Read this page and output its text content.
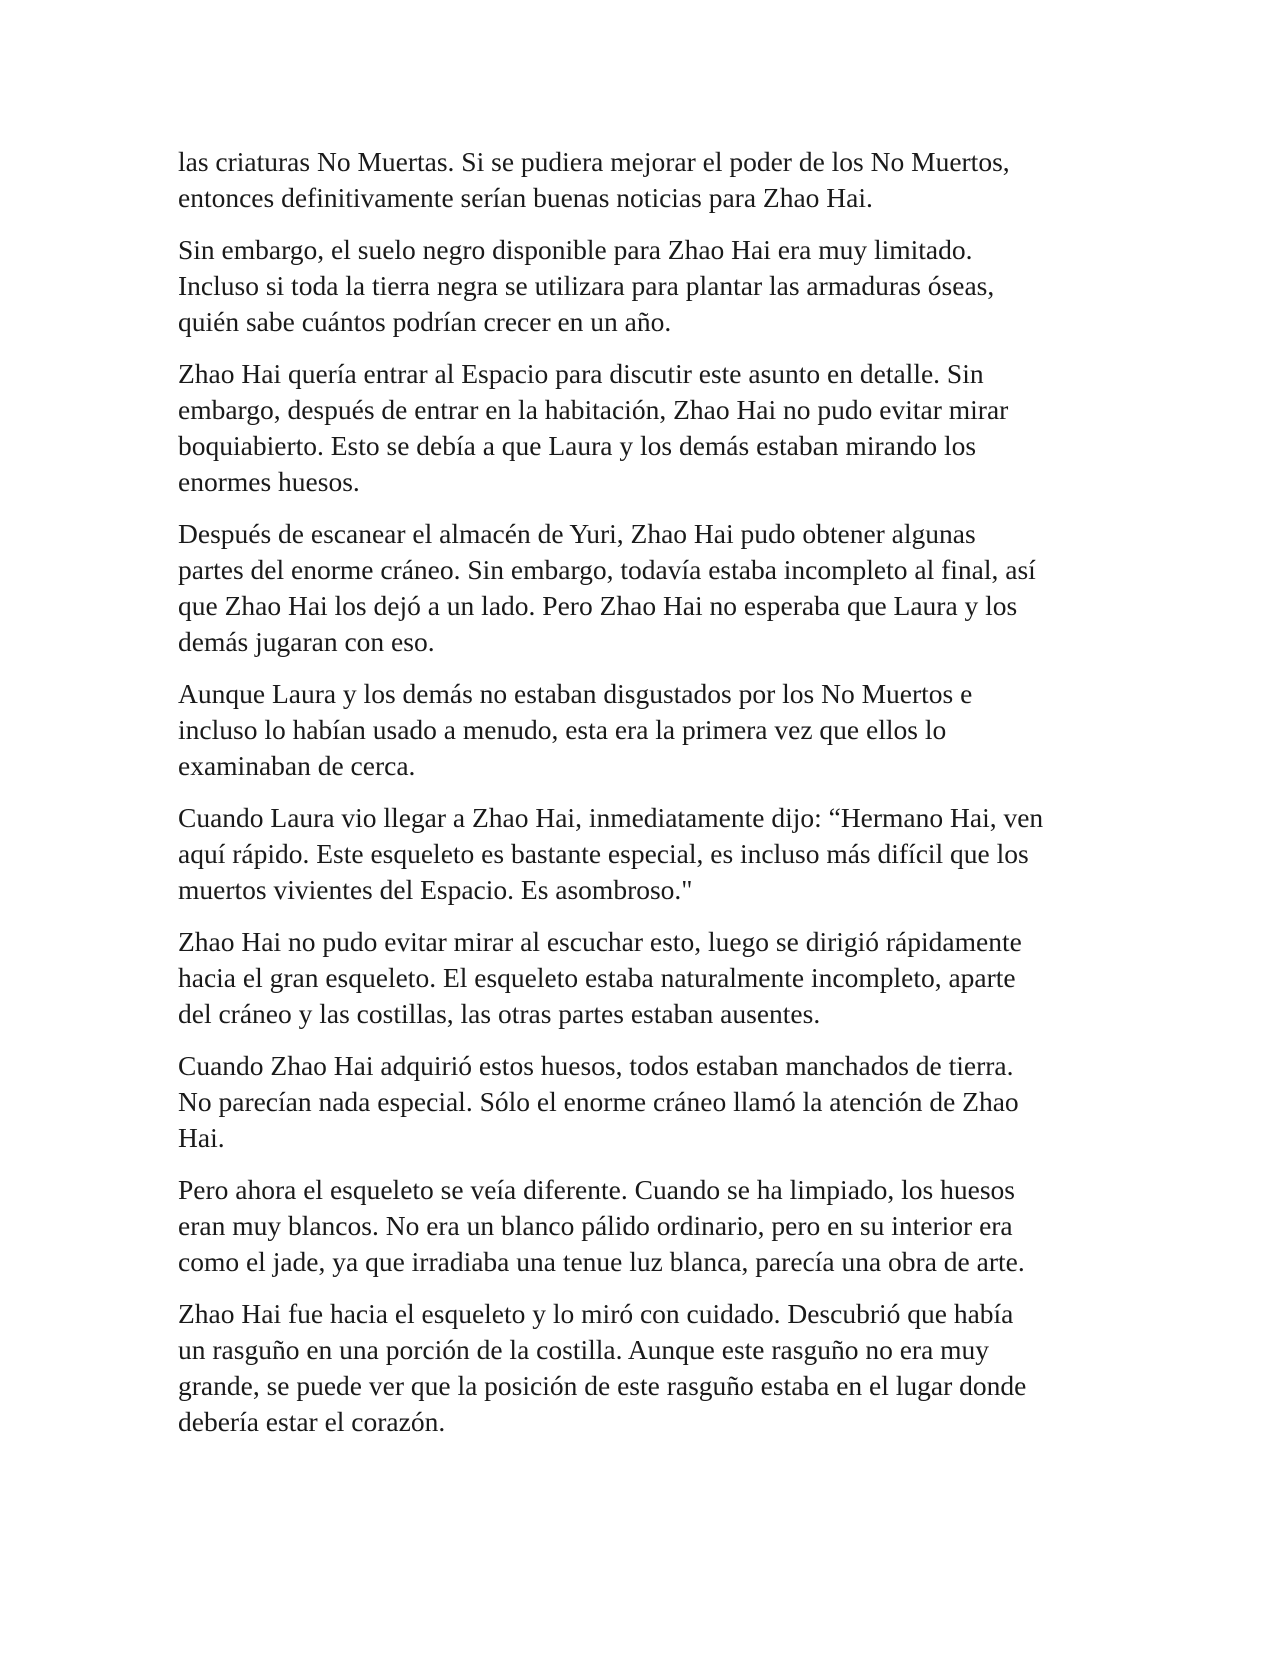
las criaturas No Muertas. Si se pudiera mejorar el poder de los No Muertos,
entonces definitivamente serían buenas noticias para Zhao Hai.

Sin embargo, el suelo negro disponible para Zhao Hai era muy limitado.
Incluso si toda la tierra negra se utilizara para plantar las armaduras óseas,
quién sabe cuántos podrían crecer en un año.

Zhao Hai quería entrar al Espacio para discutir este asunto en detalle. Sin
embargo, después de entrar en la habitación, Zhao Hai no pudo evitar mirar
boquiabierto. Esto se debía a que Laura y los demás estaban mirando los
enormes huesos.

Después de escanear el almacén de Yuri, Zhao Hai pudo obtener algunas
partes del enorme cráneo. Sin embargo, todavía estaba incompleto al final, así
que Zhao Hai los dejó a un lado. Pero Zhao Hai no esperaba que Laura y los
demás jugaran con eso.

Aunque Laura y los demás no estaban disgustados por los No Muertos e
incluso lo habían usado a menudo, esta era la primera vez que ellos lo
examinaban de cerca.

Cuando Laura vio llegar a Zhao Hai, inmediatamente dijo: “Hermano Hai, ven
aquí rápido. Este esqueleto es bastante especial, es incluso más difícil que los
muertos vivientes del Espacio. Es asombroso."

Zhao Hai no pudo evitar mirar al escuchar esto, luego se dirigió rápidamente
hacia el gran esqueleto. El esqueleto estaba naturalmente incompleto, aparte
del cráneo y las costillas, las otras partes estaban ausentes.

Cuando Zhao Hai adquirió estos huesos, todos estaban manchados de tierra.
No parecían nada especial. Sólo el enorme cráneo llamó la atención de Zhao
Hai.

Pero ahora el esqueleto se veía diferente. Cuando se ha limpiado, los huesos
eran muy blancos. No era un blanco pálido ordinario, pero en su interior era
como el jade, ya que irradiaba una tenue luz blanca, parecía una obra de arte.

Zhao Hai fue hacia el esqueleto y lo miró con cuidado. Descubrió que había
un rasguño en una porción de la costilla. Aunque este rasguño no era muy
grande, se puede ver que la posición de este rasguño estaba en el lugar donde
debería estar el corazón.
